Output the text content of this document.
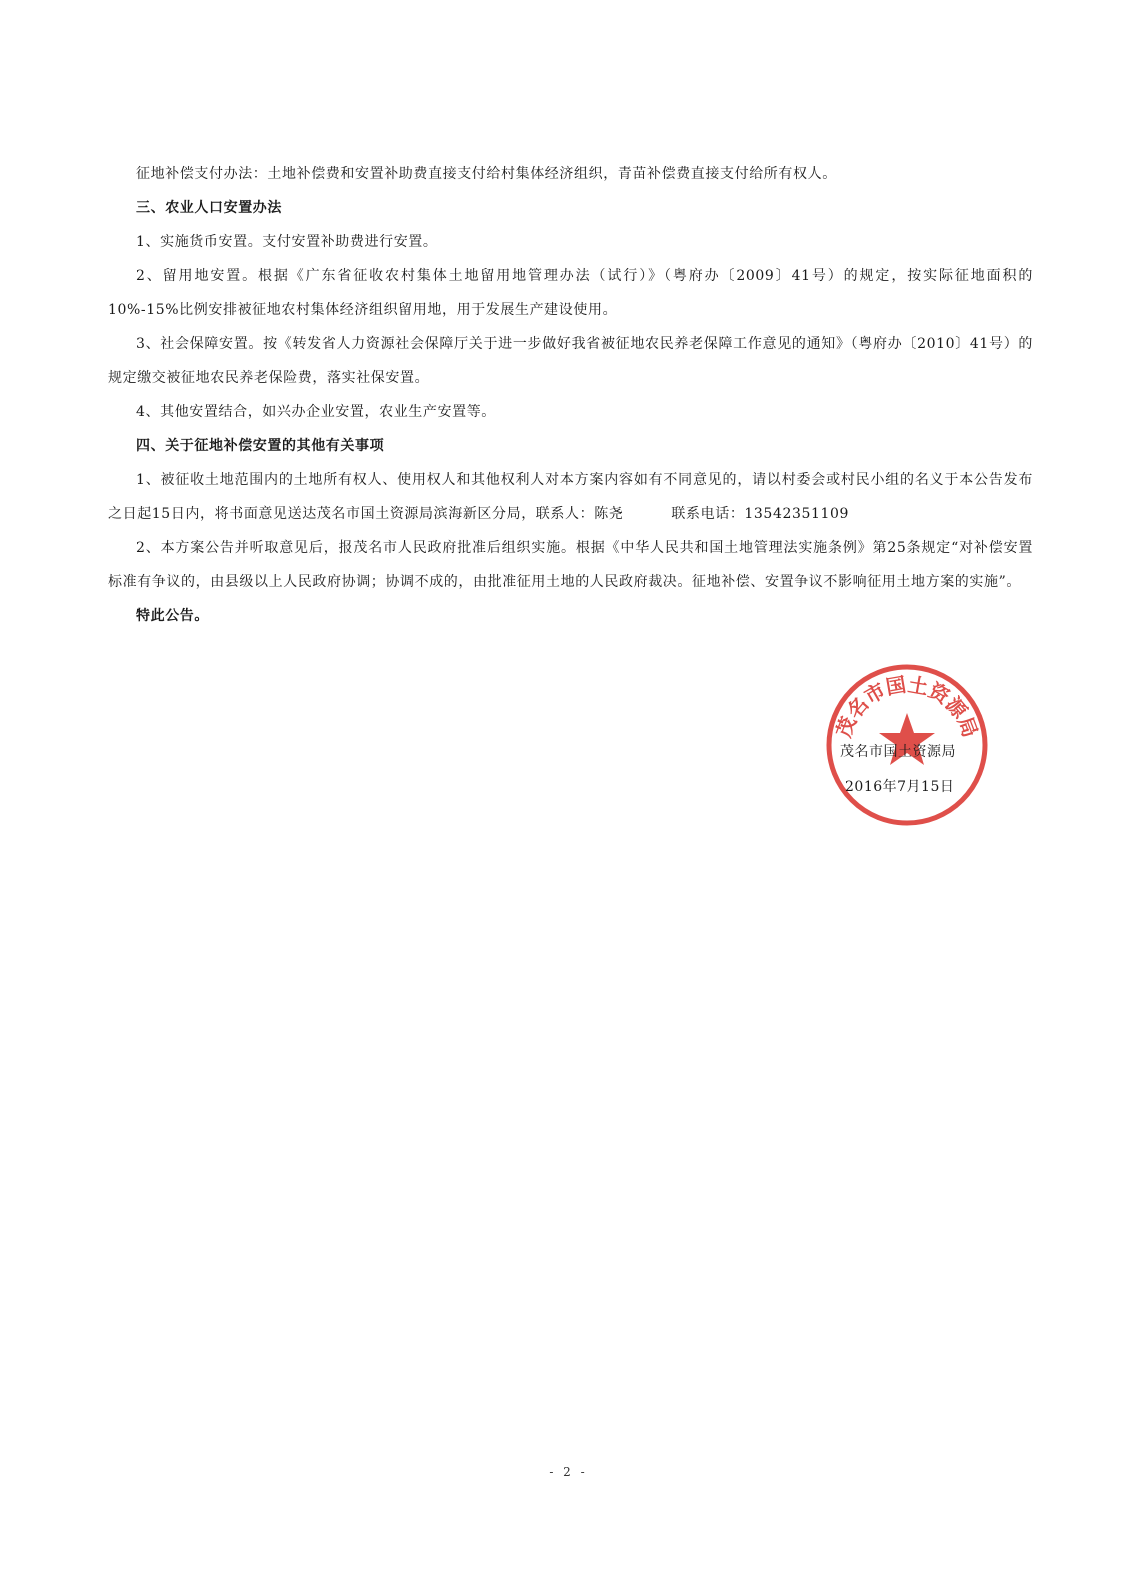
征地补偿支付办法：土地补偿费和安置补助费直接支付给村集体经济组织，青苗补偿费直接支付给所有权人。

三、农业人口安置办法

1、实施货币安置。支付安置补助费进行安置。

2、留用地安置。根据《广东省征收农村集体土地留用地管理办法（试行）》（粤府办〔2009〕41号）的规定，按实际征地面积的10%-15%比例安排被征地农村集体经济组织留用地，用于发展生产建设使用。

3、社会保障安置。按《转发省人力资源社会保障厅关于进一步做好我省被征地农民养老保障工作意见的通知》（粤府办〔2010〕41号）的规定缴交被征地农民养老保险费，落实社保安置。

4、其他安置结合，如兴办企业安置，农业生产安置等。

四、关于征地补偿安置的其他有关事项

1、被征收土地范围内的土地所有权人、使用权人和其他权利人对本方案内容如有不同意见的，请以村委会或村民小组的名义于本公告发布之日起15日内，将书面意见送达茂名市国土资源局滨海新区分局，联系人：陈尧	联系电话：13542351109

2、本方案公告并听取意见后，报茂名市人民政府批准后组织实施。根据《中华人民共和国土地管理法实施条例》第25条规定“对补偿安置标准有争议的，由县级以上人民政府协调；协调不成的，由批准征用土地的人民政府裁决。征地补偿、安置争议不影响征用土地方案的实施”。

特此公告。

茂名市国土资源局
茂名市国土资源局
2016年7月15日
- 2 -
